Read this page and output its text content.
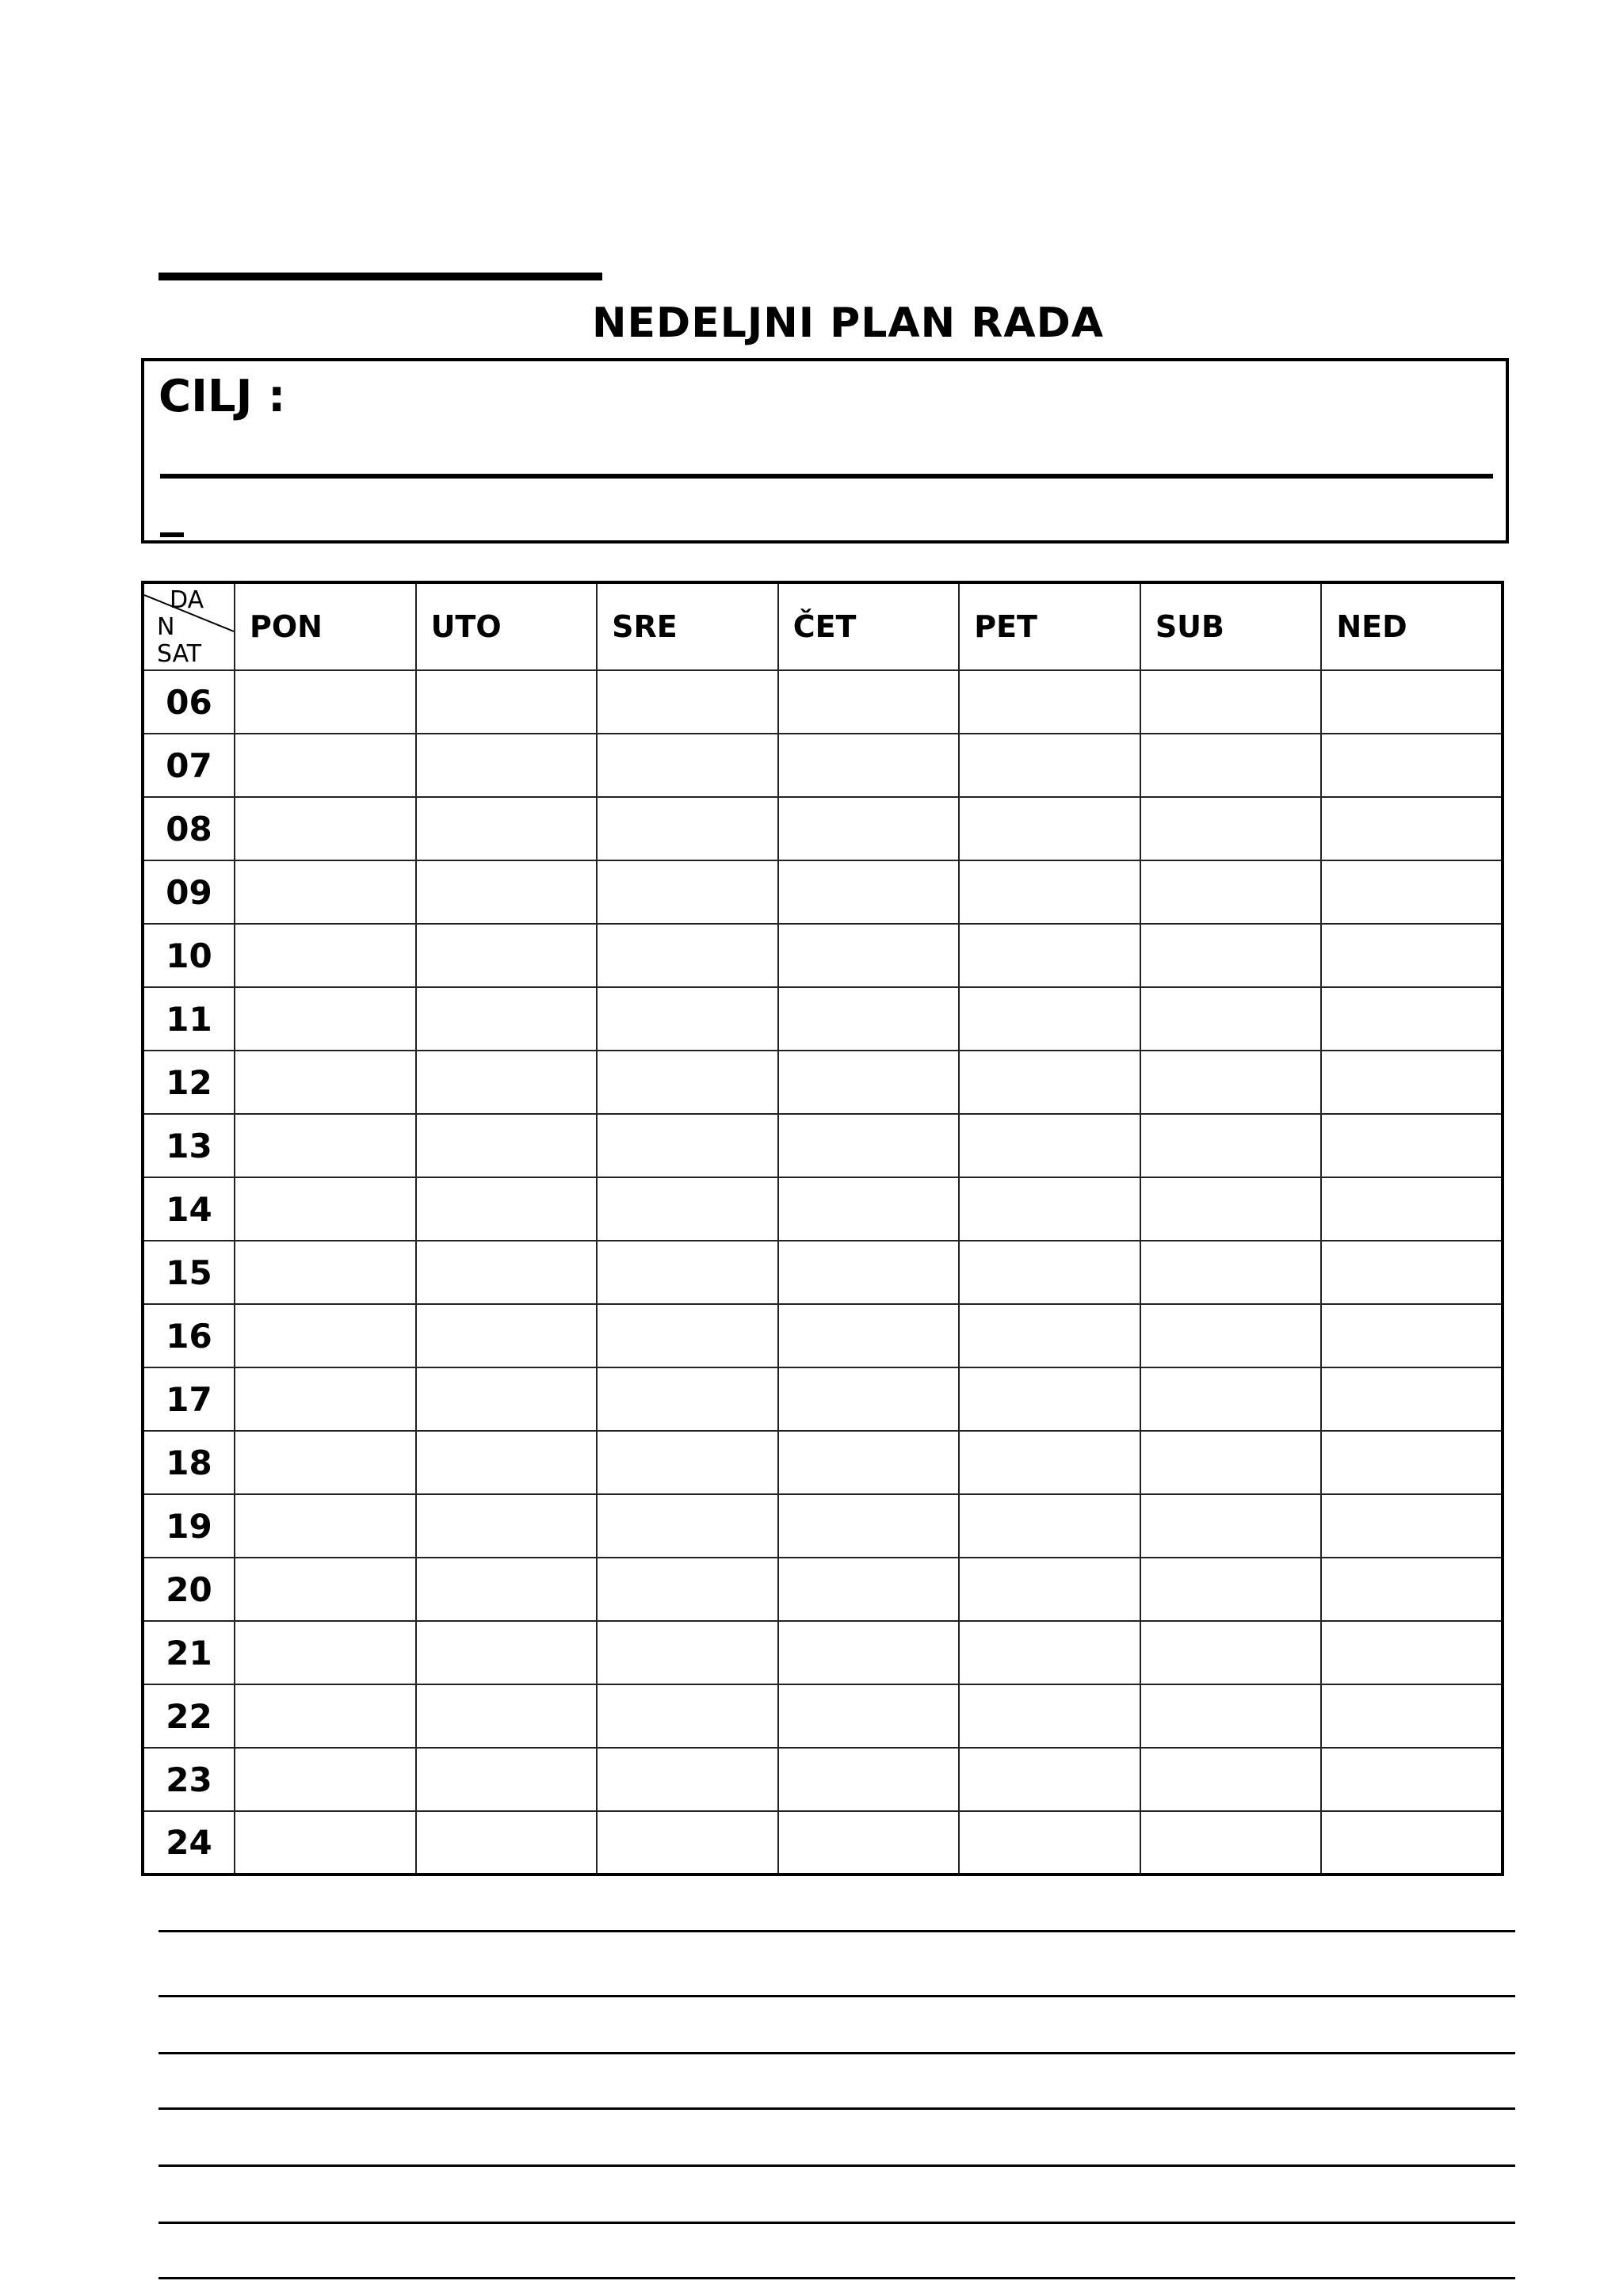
NEDELJNI PLAN RADA
CILJ :
DA
N
SAT	PON	UTO	SRE	ČET	PET	SUB	NED
06							
07							
08							
09							
10							
11							
12							
13							
14							
15							
16							
17							
18							
19							
20							
21							
22							
23							
24							
